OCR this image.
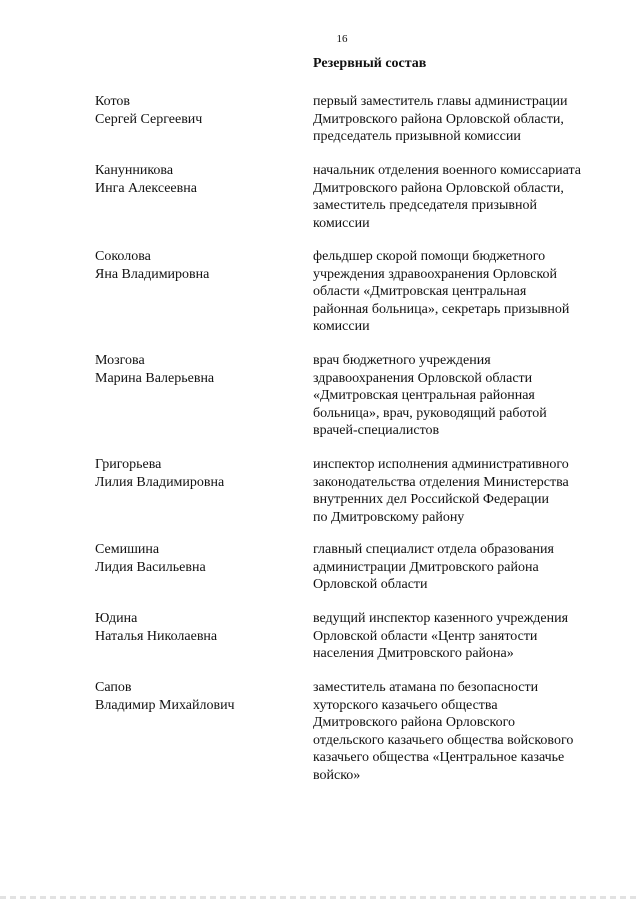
16
Резервный состав
Котов
Сергей Сергеевич
первый заместитель главы администрации
Дмитровского района Орловской области,
председатель призывной комиссии
Канунникова
Инга Алексеевна
начальник отделения военного комиссариата
Дмитровского района Орловской области,
заместитель председателя призывной
комиссии
Соколова
Яна Владимировна
фельдшер скорой помощи бюджетного
учреждения здравоохранения Орловской
области «Дмитровская центральная
районная больница», секретарь призывной
комиссии
Мозгова
Марина Валерьевна
врач бюджетного учреждения
здравоохранения Орловской области
«Дмитровская центральная районная
больница», врач, руководящий работой
врачей-специалистов
Григорьева
Лилия Владимировна
инспектор исполнения административного
законодательства отделения Министерства
внутренних дел Российской Федерации
по Дмитровскому району
Семишина
Лидия Васильевна
главный специалист отдела образования
администрации Дмитровского района
Орловской области
Юдина
Наталья Николаевна
ведущий инспектор казенного учреждения
Орловской области «Центр занятости
населения Дмитровского района»
Сапов
Владимир Михайлович
заместитель атамана по безопасности
хуторского казачьего общества
Дмитровского района Орловского
отдельского казачьего общества войскового
казачьего общества «Центральное казачье
войско»
